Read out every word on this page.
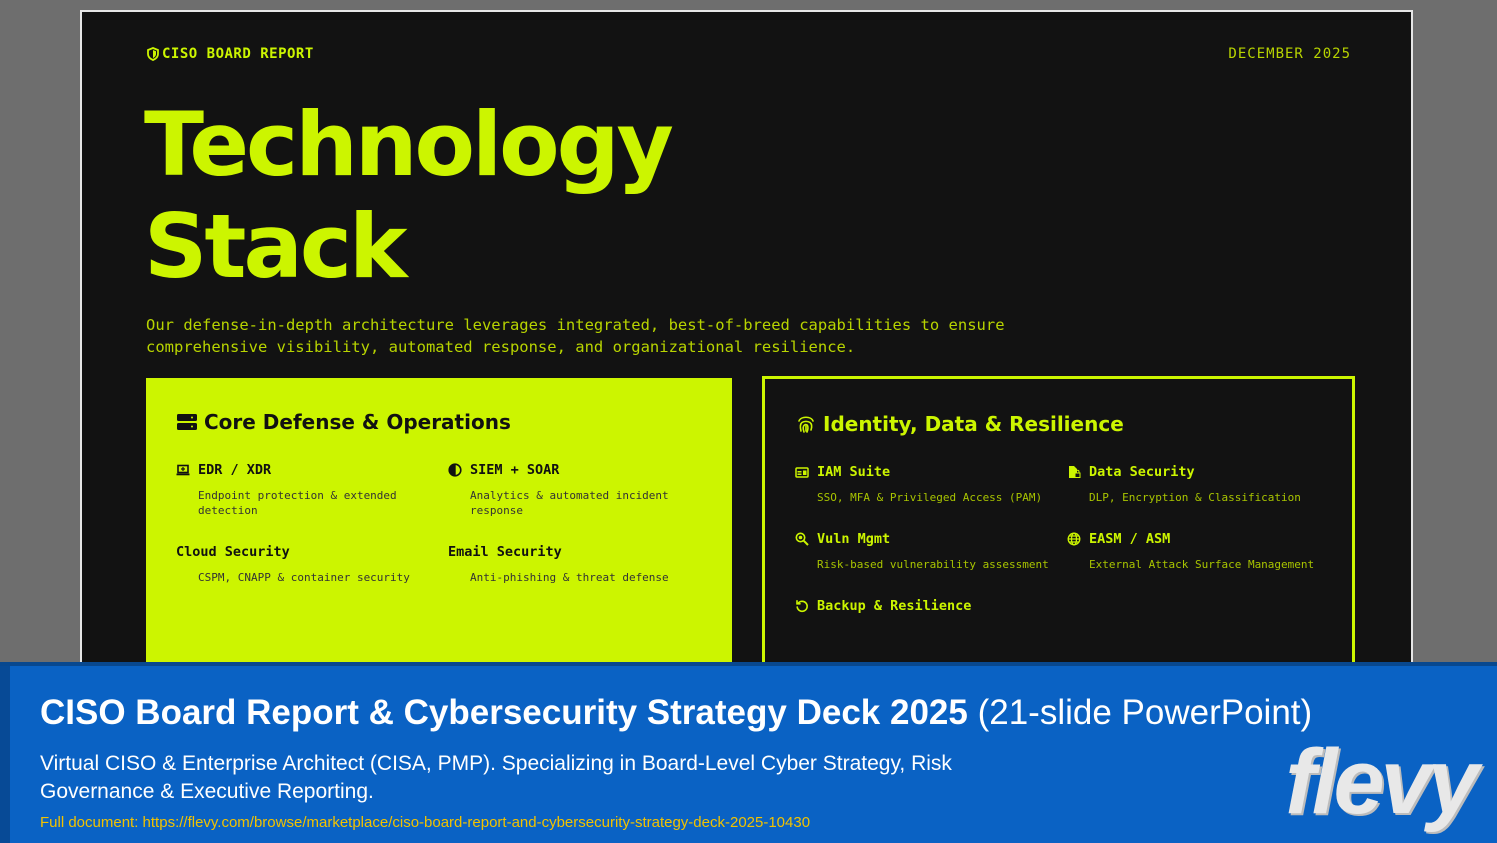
CISO BOARD REPORT	DECEMBER 2025
Technology
Stack

Our defense-in-depth architecture leverages integrated, best-of-breed capabilities to ensure comprehensive visibility, automated response, and organizational resilience.

Core Defense & Operations
EDR / XDR
Endpoint protection & extended detection
SIEM + SOAR
Analytics & automated incident response
Cloud Security
CSPM, CNAPP & container security
Email Security
Anti-phishing & threat defense
Identity, Data & Resilience
IAM Suite
SSO, MFA & Privileged Access (PAM)
Data Security
DLP, Encryption & Classification
Vuln Mgmt
Risk-based vulnerability assessment
EASM / ASM
External Attack Surface Management
Backup & Resilience
CISO Board Report & Cybersecurity Strategy Deck 2025 (21-slide PowerPoint)

Virtual CISO & Enterprise Architect (CISA, PMP). Specializing in Board-Level Cyber Strategy, Risk Governance & Executive Reporting.

Full document: https://flevy.com/browse/marketplace/ciso-board-report-and-cybersecurity-strategy-deck-2025-10430	flevy
